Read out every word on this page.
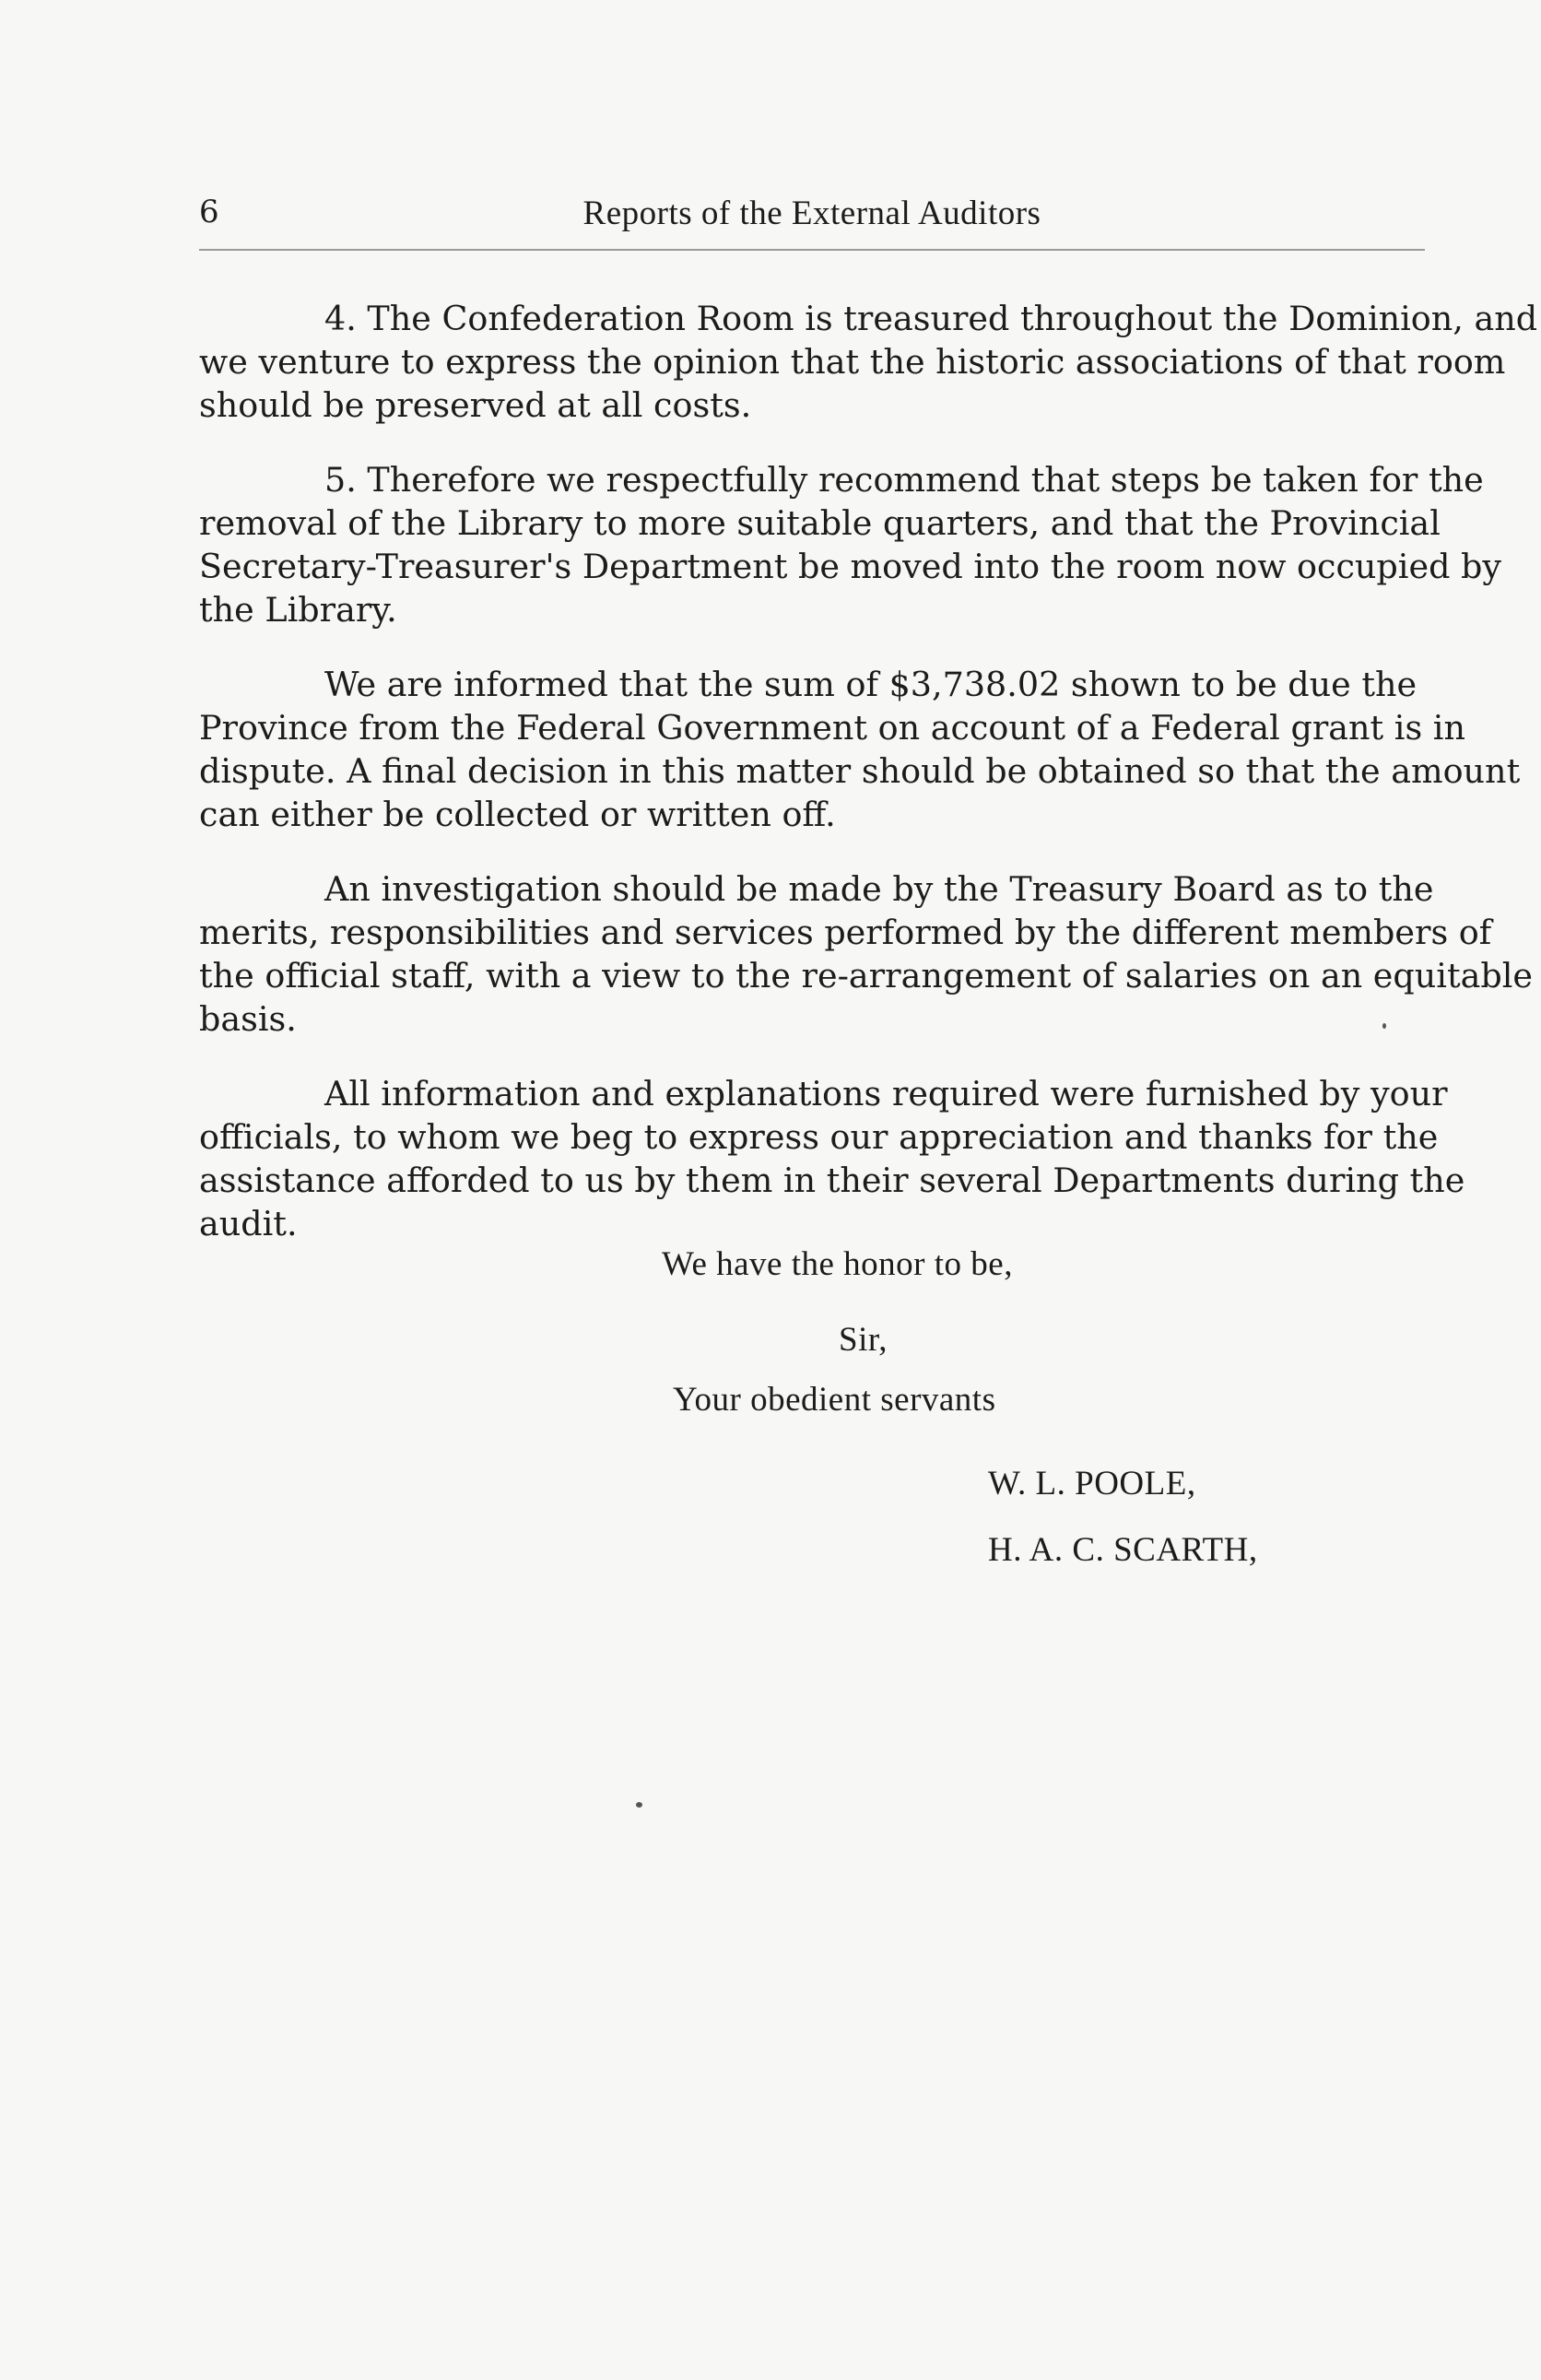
6	Reports of the External Auditors

4. The Confederation Room is treasured throughout the Dominion, and we venture to express the opinion that the historic associations of that room should be preserved at all costs.

5. Therefore we respectfully recommend that steps be taken for the removal of the Library to more suitable quarters, and that the Provincial Secretary-Treasurer's Department be moved into the room now occupied by the Library.

We are informed that the sum of $3,738.02 shown to be due the Province from the Federal Government on account of a Federal grant is in dispute. A final decision in this matter should be obtained so that the amount can either be collected or written off.

An investigation should be made by the Treasury Board as to the merits, responsibilities and services performed by the different members of the official staff, with a view to the re-arrangement of salaries on an equitable basis.

All information and explanations required were furnished by your officials, to whom we beg to express our appreciation and thanks for the assistance afforded to us by them in their several Departments during the audit.

We have the honor to be,
Sir,
Your obedient servants
W. L. POOLE,
H. A. C. SCARTH,
